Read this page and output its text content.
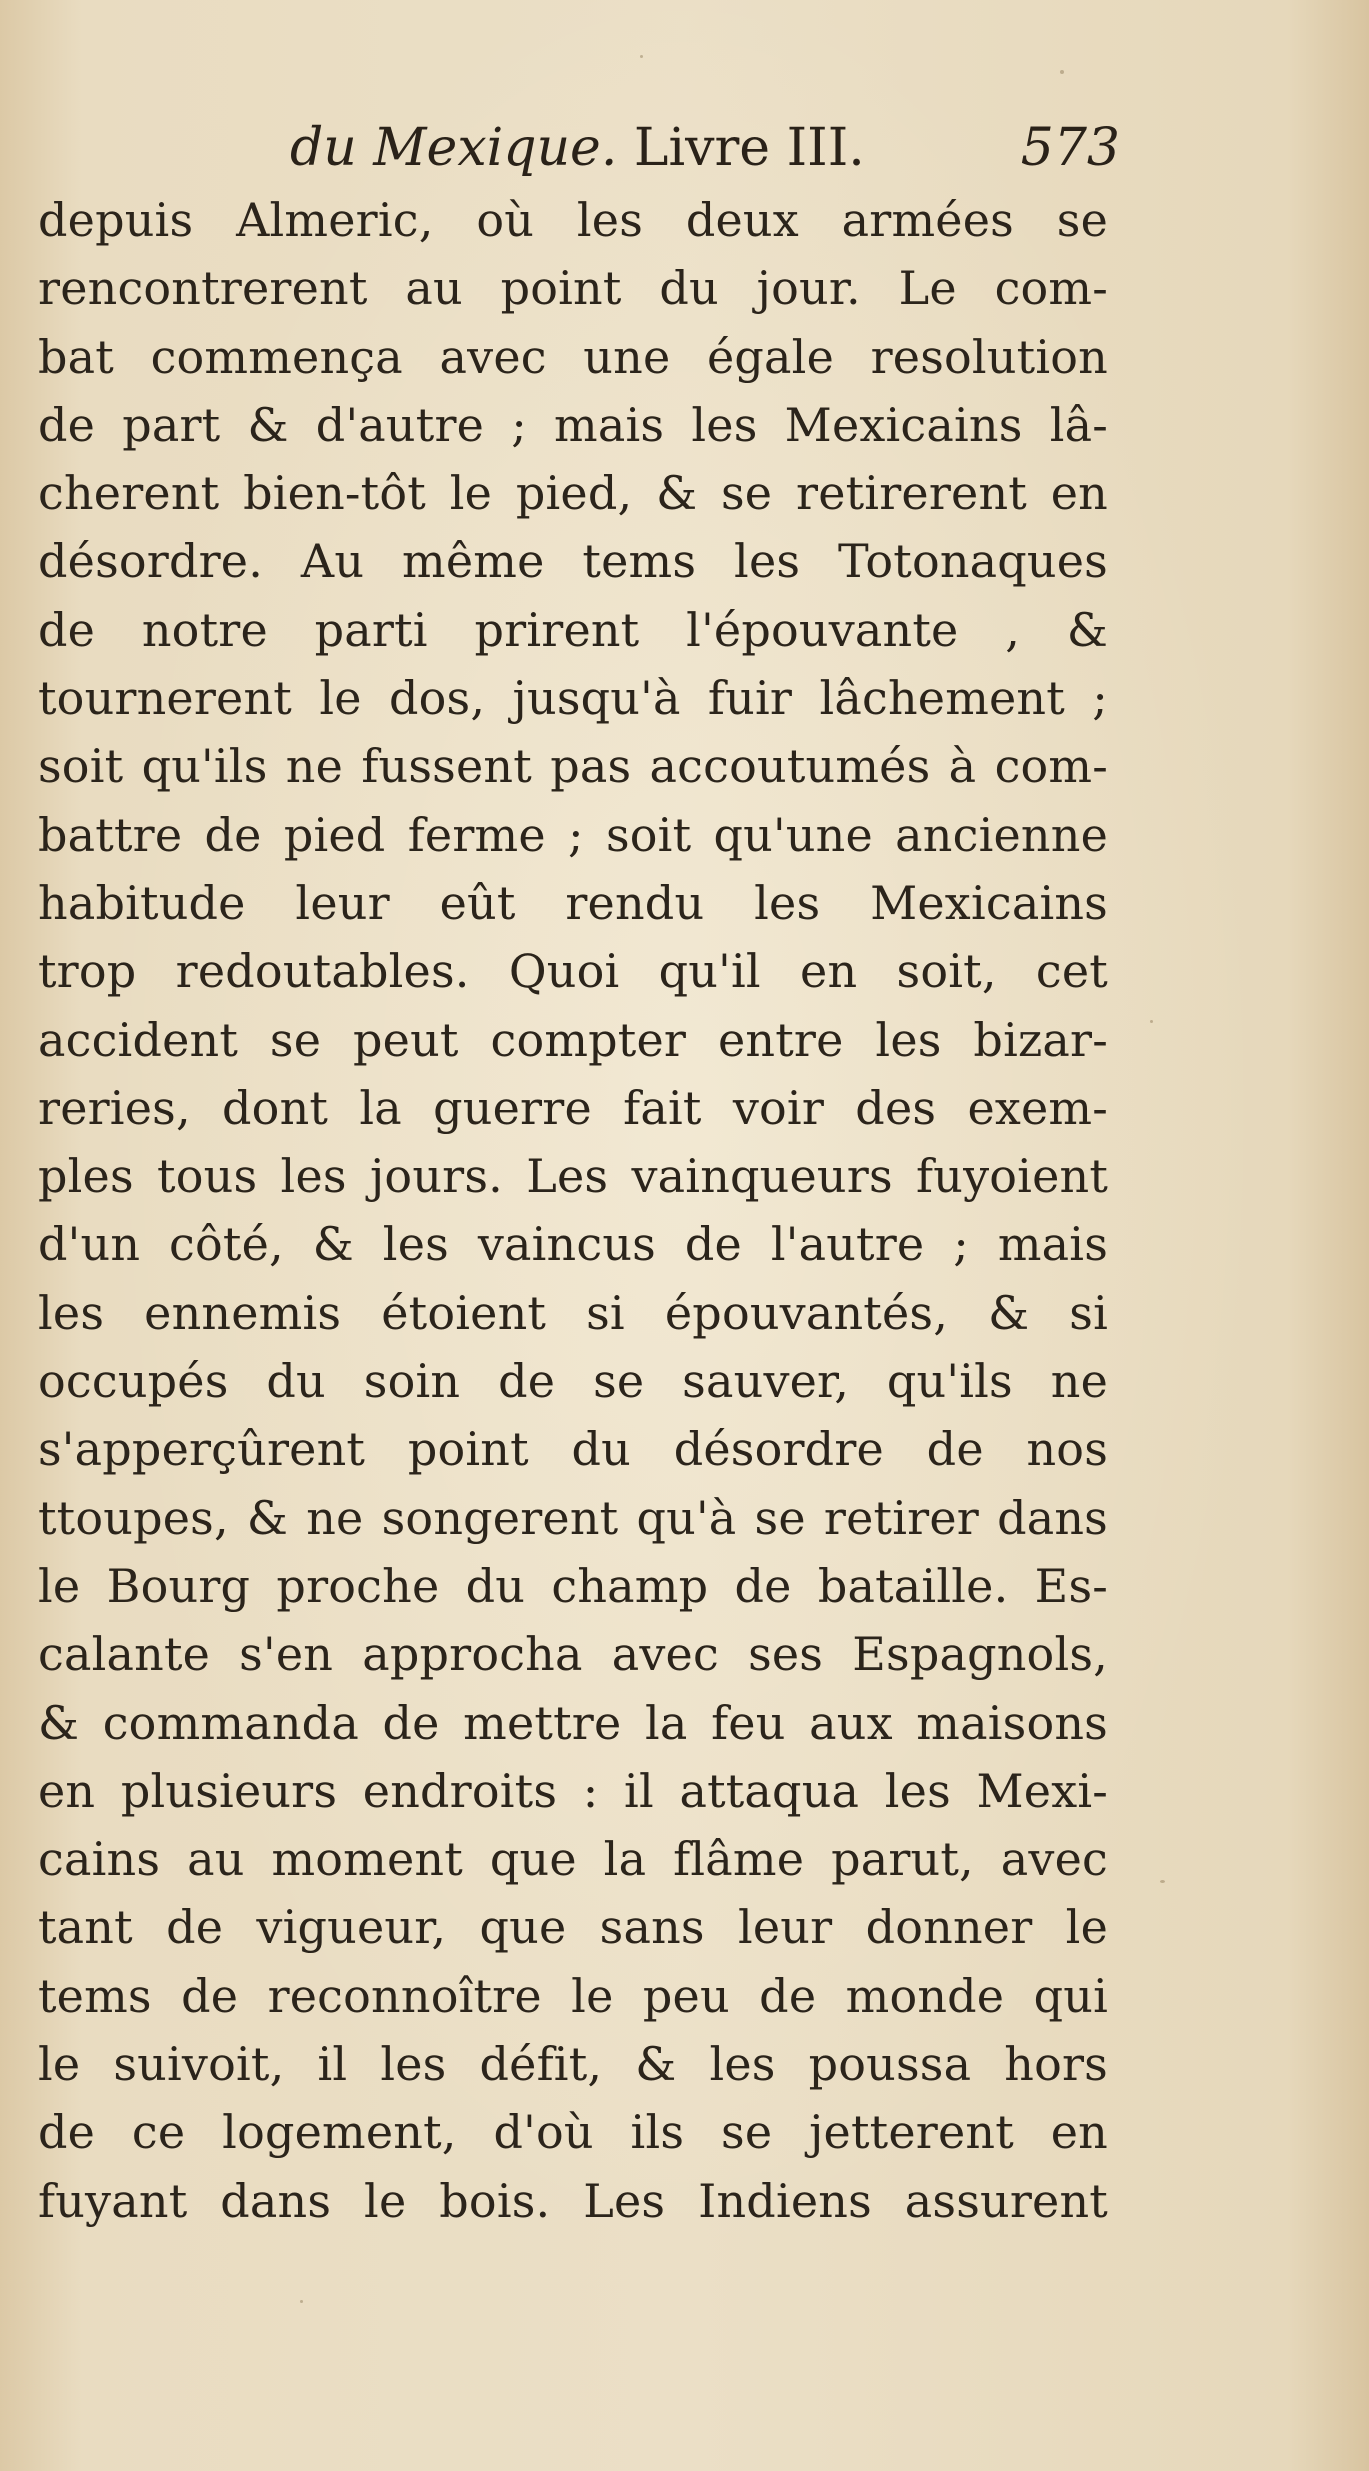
du Mexique. Livre III.	573
depuis Almeric, où les deux armées se
rencontrerent au point du jour. Le com-
bat commença avec une égale resolution
de part & d'autre ; mais les Mexicains lâ-
cherent bien-tôt le pied, & se retirerent en
désordre. Au même tems les Totonaques
de notre parti prirent l'épouvante , &
tournerent le dos, jusqu'à fuir lâchement ;
soit qu'ils ne fussent pas accoutumés à com-
battre de pied ferme ; soit qu'une ancienne
habitude leur eût rendu les Mexicains
trop redoutables. Quoi qu'il en soit, cet
accident se peut compter entre les bizar-
reries, dont la guerre fait voir des exem-
ples tous les jours. Les vainqueurs fuyoient
d'un côté, & les vaincus de l'autre ; mais
les ennemis étoient si épouvantés, & si
occupés du soin de se sauver, qu'ils ne
s'apperçûrent point du désordre de nos
ttoupes, & ne songerent qu'à se retirer dans
le Bourg proche du champ de bataille. Es-
calante s'en approcha avec ses Espagnols,
& commanda de mettre la feu aux maisons
en plusieurs endroits : il attaqua les Mexi-
cains au moment que la flâme parut, avec
tant de vigueur, que sans leur donner le
tems de reconnoître le peu de monde qui
le suivoit, il les défit, & les poussa hors
de ce logement, d'où ils se jetterent en
fuyant dans le bois. Les Indiens assurent
